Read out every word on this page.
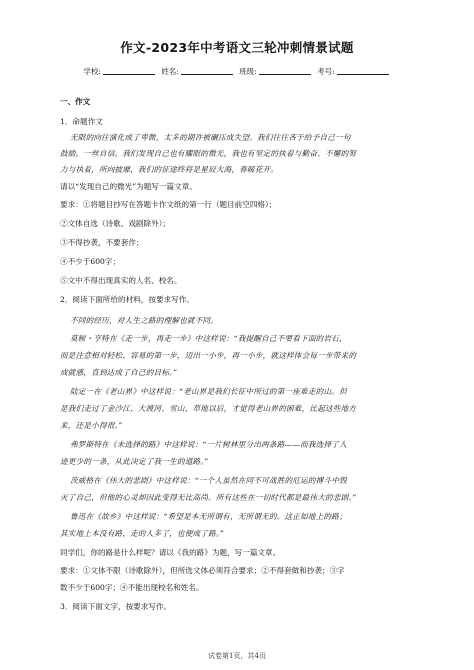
作文-2023年中考语文三轮冲刺情景试题
学校:	姓名:	班级:	考号:
一、作文
1．命题作文
无限的向往演化成了卑微，太多的期许被碾压成失望。我们往往吝于给予自己一句
鼓励，一丝自信。我们发现自己也有耀眼的微光，我也有坚定的执着与勤奋、不懈的努
力与执着，所向披靡，我们的征途终将是星辰大海，春暖花开。
请以“发现自己的微光”为题写一篇文章。
要求：①将题目抄写在答题卡作文纸的第一行（题目前空四格）；
②文体自选（诗歌、戏剧除外）；
③不得抄袭，不要套作；
④不少于600字；
⑤文中不得出现真实的人名、校名。
2．阅读下面所给的材料，按要求写作。
不同的经历，对人生之路的理解也就不同。
莫顿・亨特在《走一步，再走一步》中这样说：“我提醒自己不要看下面的岩石，
而是注意相对轻松、容易的第一步，迈出一小步，再一小步，就这样体会每一步带来的
成就感，直到达成了自己的目标。”
陆定一在《老山界》中这样说：“老山界是我们长征中所过的第一座难走的山。但
是我们走过了金沙江、大渡河、雪山、草地以后，才觉得老山界的困难，比起这些地方
来，还是小得很。”
弗罗斯特在《未选择的路》中这样说：“一片树林里分出两条路——而我选择了人
迹更少的一条，从此决定了我一生的道路。”
茨威格在《伟大的悲剧》中这样说：“一个人虽然在同不可战胜的厄运的搏斗中毁
灭了自己，但他的心灵却因此变得无比高尚。所有这些在一切时代都是最伟大的悲剧。”
鲁迅在《故乡》中这样说：“希望是本无所谓有，无所谓无的。这正如地上的路；
其实地上本没有路，走的人多了，也便成了路。”
同学们，你的路是什么样呢？请以《我的路》为题，写一篇文章。
要求：①文体不限（诗歌除外），但所选文体必须符合要求；②不得套做和抄袭；③字
数不少于600字；④不能出现校名和姓名。
3．阅读下面文字，按要求写作。
试卷第1页，共4页
